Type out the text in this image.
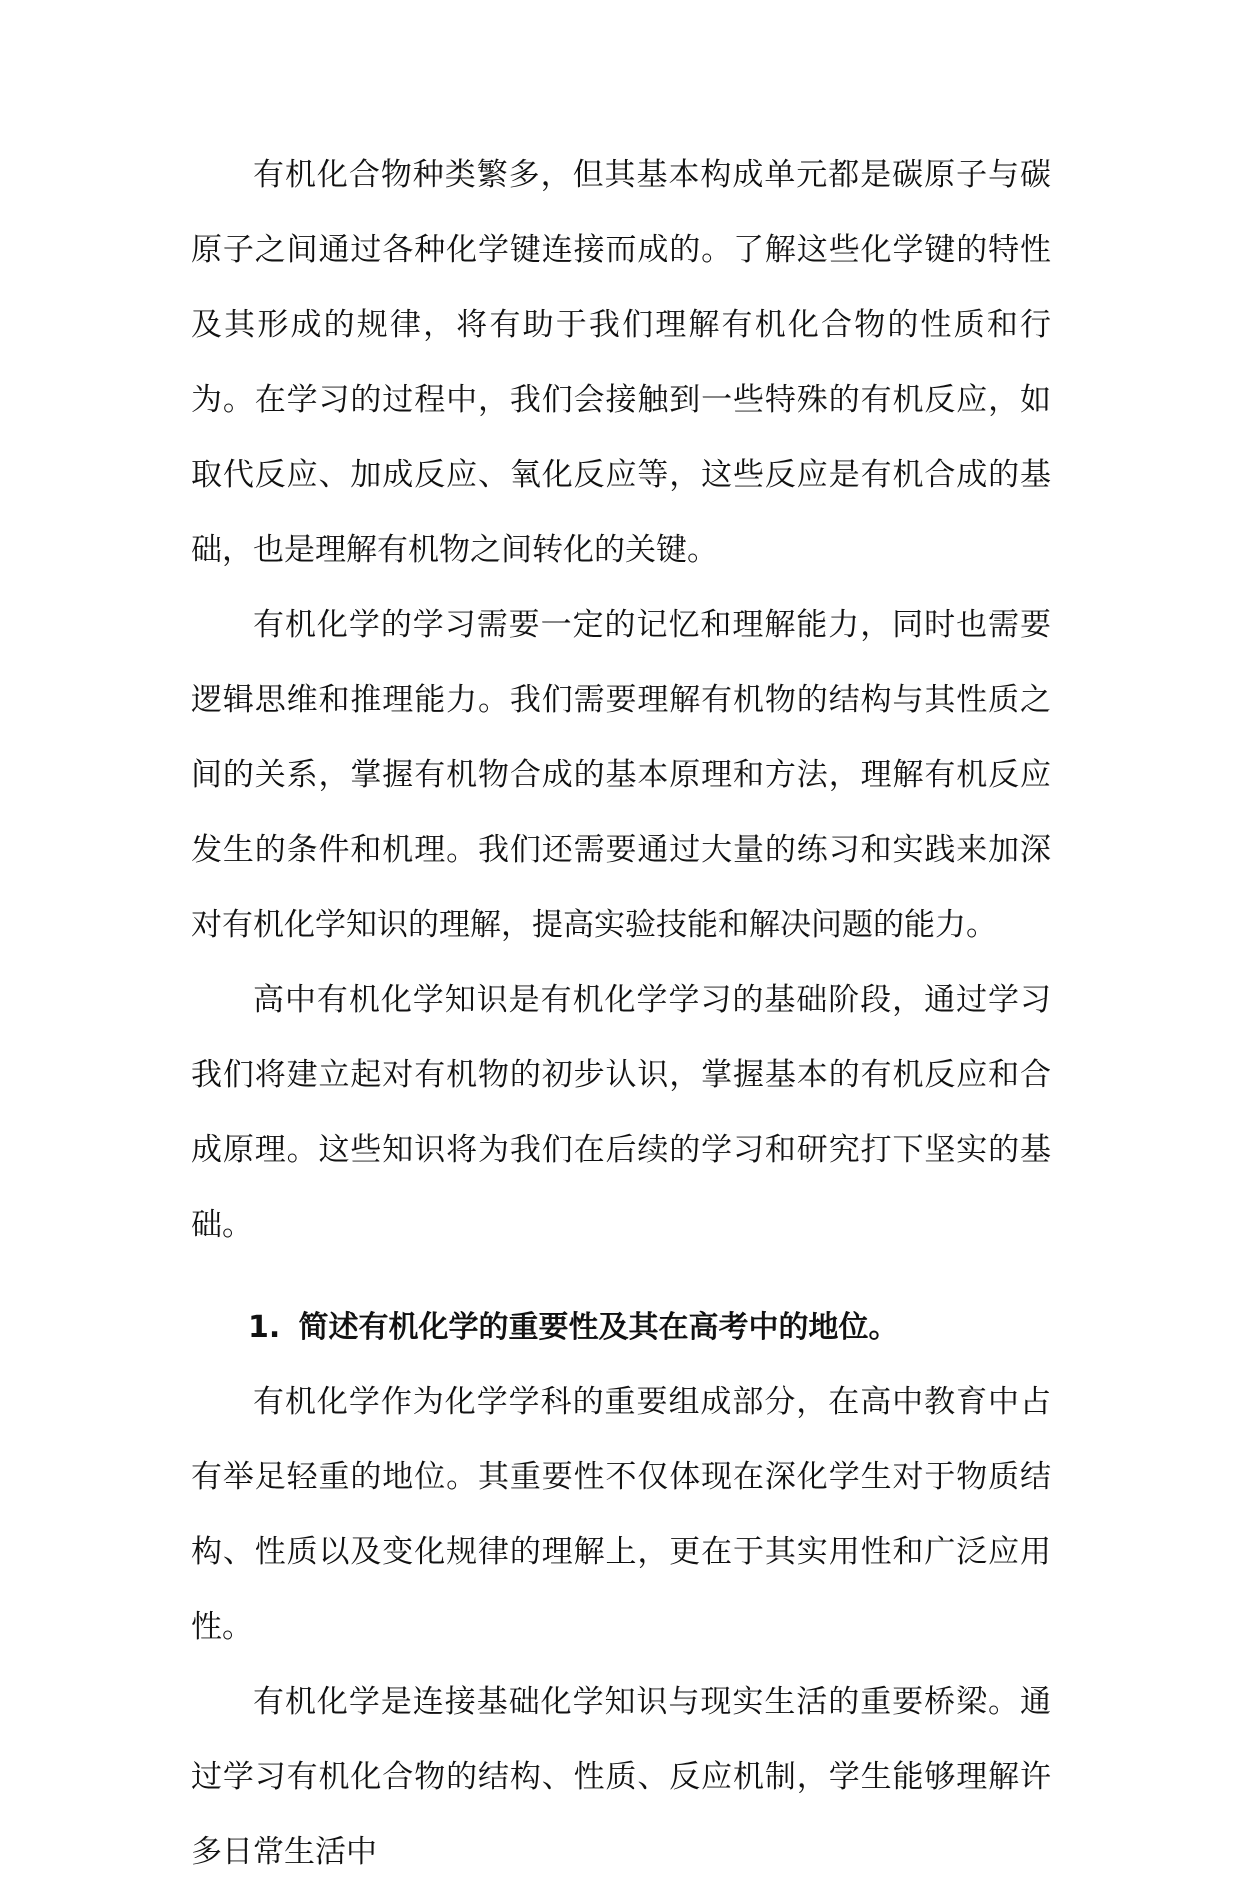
有机化合物种类繁多，但其基本构成单元都是碳原子与碳原子之间通过各种化学键连接而成的。了解这些化学键的特性及其形成的规律，将有助于我们理解有机化合物的性质和行为。在学习的过程中，我们会接触到一些特殊的有机反应，如取代反应、加成反应、氧化反应等，这些反应是有机合成的基础，也是理解有机物之间转化的关键。

有机化学的学习需要一定的记忆和理解能力，同时也需要逻辑思维和推理能力。我们需要理解有机物的结构与其性质之间的关系，掌握有机物合成的基本原理和方法，理解有机反应发生的条件和机理。我们还需要通过大量的练习和实践来加深对有机化学知识的理解，提高实验技能和解决问题的能力。

高中有机化学知识是有机化学学习的基础阶段，通过学习我们将建立起对有机物的初步认识，掌握基本的有机反应和合成原理。这些知识将为我们在后续的学习和研究打下坚实的基础。

1. 简述有机化学的重要性及其在高考中的地位。

有机化学作为化学学科的重要组成部分，在高中教育中占有举足轻重的地位。其重要性不仅体现在深化学生对于物质结构、性质以及变化规律的理解上，更在于其实用性和广泛应用性。

有机化学是连接基础化学知识与现实生活的重要桥梁。通过学习有机化合物的结构、性质、反应机制，学生能够理解许多日常生活中
